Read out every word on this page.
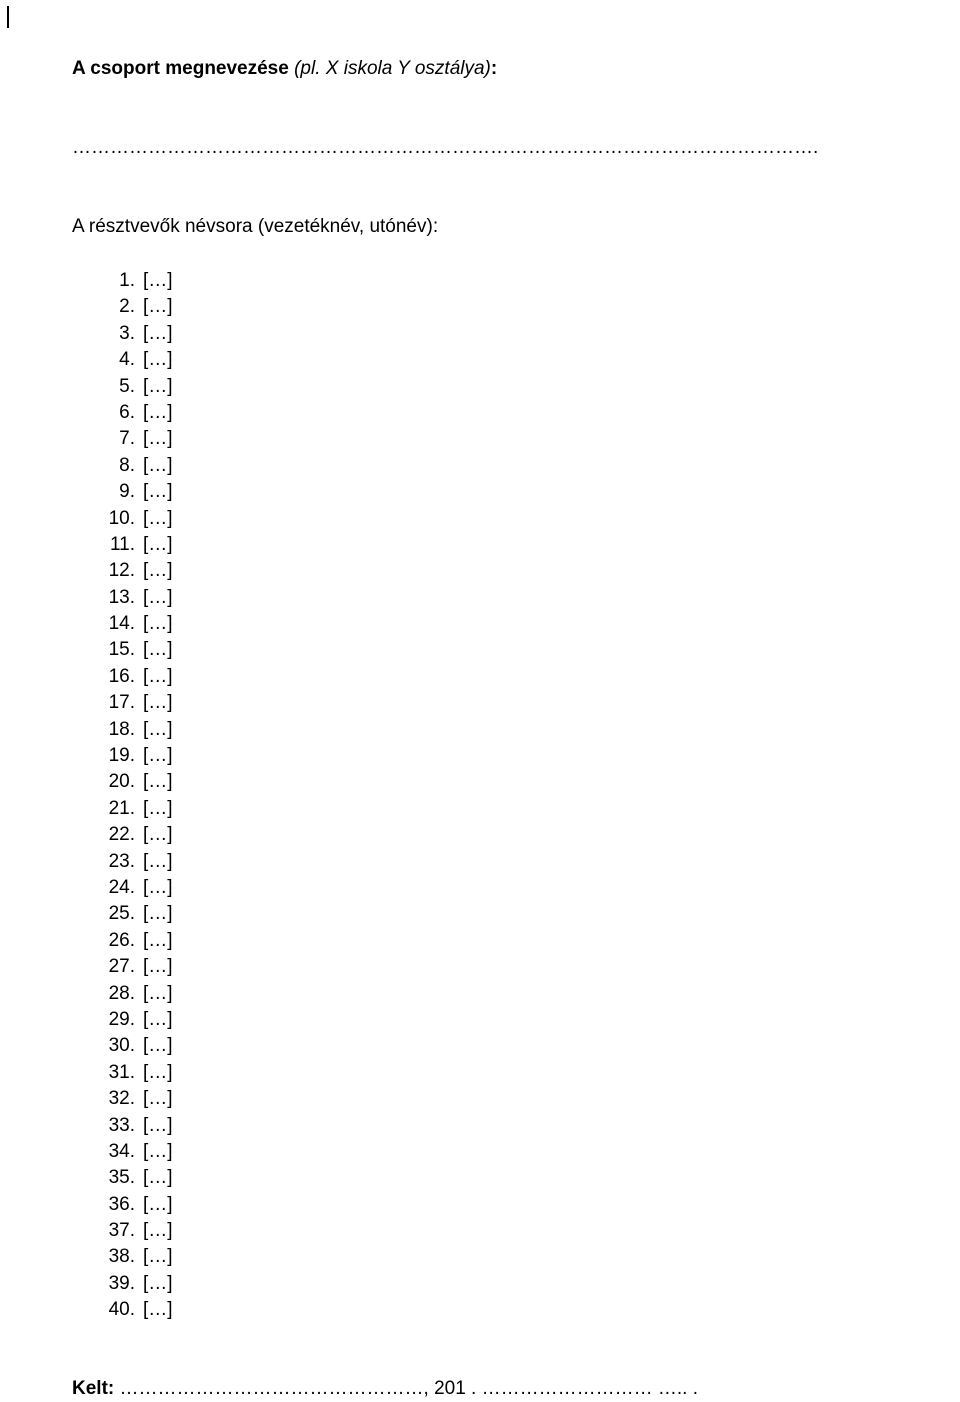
A csoport megnevezése (pl. X iskola Y osztálya):
……………………………………………………………………………………………………….
A résztvevők névsora (vezetéknév, utónév):
1. […]
2. […]
3. […]
4. […]
5. […]
6. […]
7. […]
8. […]
9. […]
10. […]
11. […]
12. […]
13. […]
14. […]
15. […]
16. […]
17. […]
18. […]
19. […]
20. […]
21. […]
22. […]
23. […]
24. […]
25. […]
26. […]
27. […]
28. […]
29. […]
30. […]
31. […]
32. […]
33. […]
34. […]
35. […]
36. […]
37. […]
38. […]
39. […]
40. […]
Kelt: …………………………………………, 201 . ……………………… ….. .
